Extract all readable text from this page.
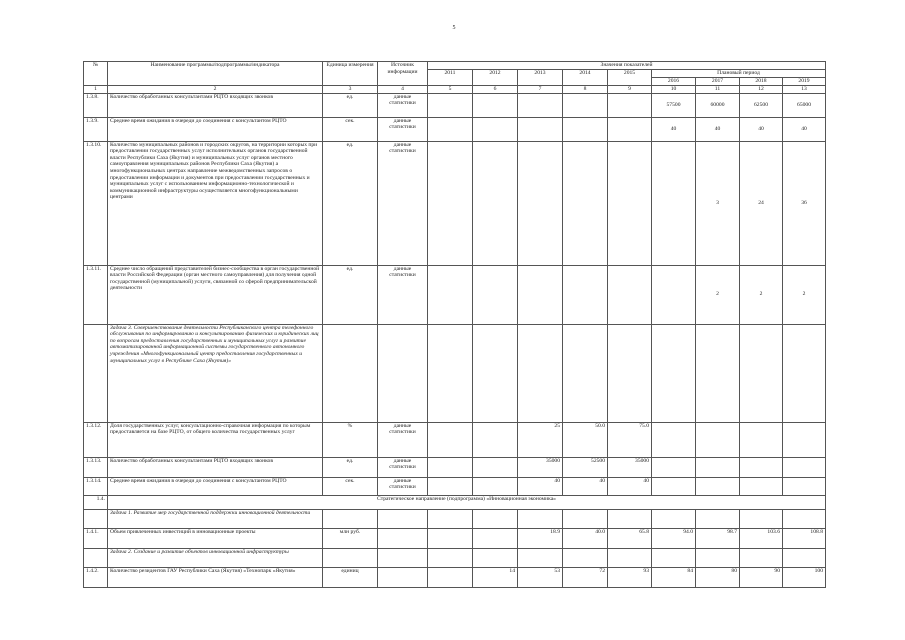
5
№	Наименование программы/подпрограммы/индикатора	Единица измерения	Источник информации	Значения показателей								
				2011	2012	2013	2014	2015	Плановый период			
									2016	2017	2018	2019
1	2	3	4	5	6	7	8	9	10	11	12	13
1.3.8.	Количество обработанных консультантами РЦТО входящих звонков	ед.	данные статистики						57500	60000	62500	65000
1.3.9.	Среднее время ожидания в очереди до соединения с консультантом РЦТО	сек.	данные статистики						40	40	40	40
1.3.10.	Количество муниципальных районов и городских округов, на территории которых при предоставлении государственных услуг исполнительных органов государственной власти Республики Саха (Якутия) и муниципальных услуг органов местного самоуправления муниципальных районов Республики Саха (Якутия) а многофункциональных центрах направление межведомственных запросов о предоставлении информации и документов при предоставлении государственных и муниципальных услуг с использованием информационно-технологической и коммуникационной инфраструктуры осуществляется многофункциональными центрами	ед.	данные статистики							3	24	36
1.3.11.	Среднее число обращений представителей бизнес-сообщества в орган государственной власти Российской Федерации (орган местного самоуправления) для получения одной государственной (муниципальной) услуги, связанной со сферой предпринимательской деятельности	ед.	данные статистики							2	2	2
	Задача 3. Совершенствование деятельности Республиканского центра телефонного обслуживания по информированию и консультированию физических и юридических лиц по вопросам предоставления государственных и муниципальных услуг и развитие автоматизированной информационной системы государственного автономного учреждения «Многофункциональный центр предоставления государственных и муниципальных услуг в Республике Саха (Якутия)»											
1.3.12.	Доля государственных услуг, консультационно-справочная информация по которым предоставляется на базе РЦТО, от общего количества государственных услуг	%	данные статистики			25	50.0	75.0				
1.3.13.	Количество обработанных консультантами РЦТО входящих звонков	ед.	данные статистики			35000	52500	35000				
1.3.14.	Среднее время ожидания в очереди до соединения с консультантом РЦТО	сек.	данные статистики			40	40	40				
1.4.	Стратегическое направление (подпрограмма) «Инновационная экономика»											
	Задача 1. Развитие мер государственной поддержки инновационной деятельности											
1.4.1.	Объем привлеченных инвестиций в инновационные проекты	млн руб.				18.9	40.0	65.8	94.0	98.7	103.6	108.8
	Задача 2. Создание и развитие объектов инновационной инфраструктуры											
1.4.2.	Количество резидентов ГАУ Республики Саха (Якутия) «Технопарк «Якутия»	единиц			14	53	72	93	84	80	90	100
